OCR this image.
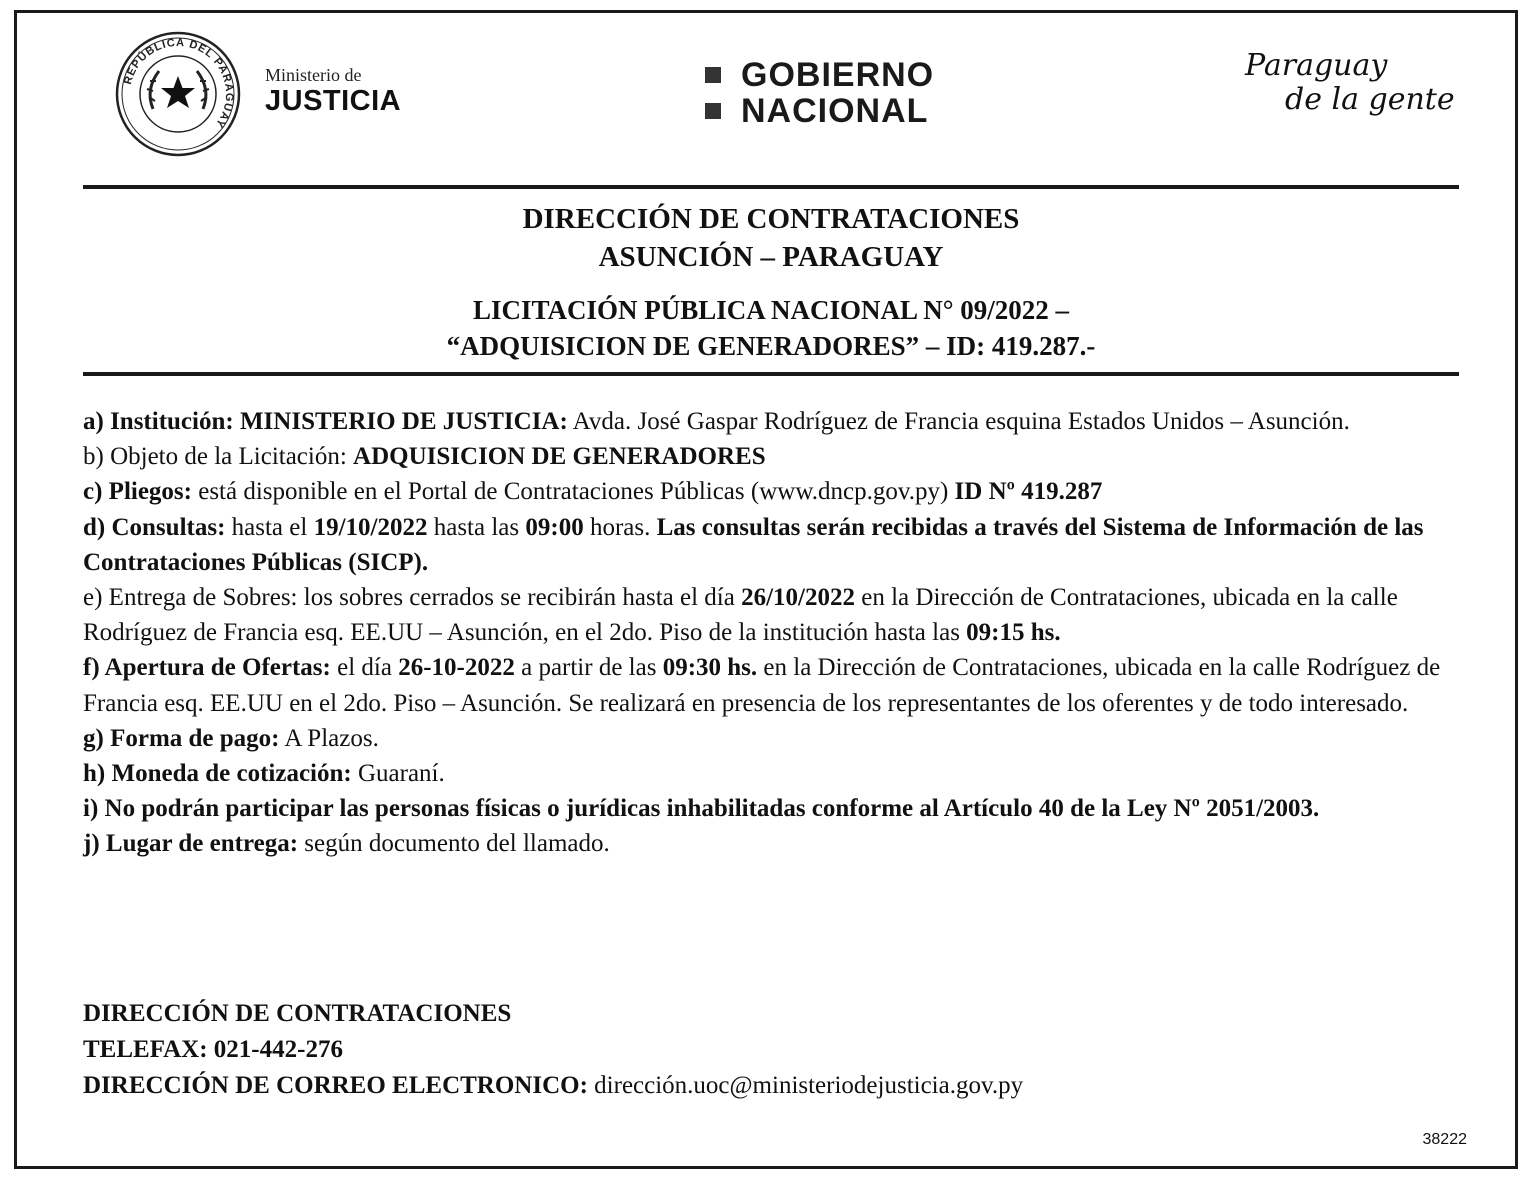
REPÚBLICA DEL PARAGUAY
Ministerio de
JUSTICIA
GOBIERNO
NACIONAL
Paraguay
de la gente
DIRECCIÓN DE CONTRATACIONES
ASUNCIÓN – PARAGUAY
LICITACIÓN PÚBLICA NACIONAL N° 09/2022 –
“ADQUISICION DE GENERADORES” – ID: 419.287.-

a) Institución: MINISTERIO DE JUSTICIA: Avda. José Gaspar Rodríguez de Francia esquina Estados Unidos – Asunción.

b) Objeto de la Licitación: ADQUISICION DE GENERADORES

c) Pliegos: está disponible en el Portal de Contrataciones Públicas (www.dncp.gov.py) ID Nº 419.287

d) Consultas: hasta el 19/10/2022 hasta las 09:00 horas. Las consultas serán recibidas a través del Sistema de Información de las Contrataciones Públicas (SICP).

e) Entrega de Sobres: los sobres cerrados se recibirán hasta el día 26/10/2022 en la Dirección de Contrataciones, ubicada en la calle Rodríguez de Francia esq. EE.UU – Asunción, en el 2do. Piso de la institución hasta las 09:15 hs.

f) Apertura de Ofertas: el día 26-10-2022 a partir de las 09:30 hs. en la Dirección de Contrataciones, ubicada en la calle Rodríguez de Francia esq. EE.UU en el 2do. Piso – Asunción. Se realizará en presencia de los representantes de los oferentes y de todo interesado.

g) Forma de pago: A Plazos.

h) Moneda de cotización: Guaraní.

i) No podrán participar las personas físicas o jurídicas inhabilitadas conforme al Artículo 40 de la Ley Nº 2051/2003.

j) Lugar de entrega: según documento del llamado.

DIRECCIÓN DE CONTRATACIONES

TELEFAX: 021-442-276

DIRECCIÓN DE CORREO ELECTRONICO: dirección.uoc@ministeriodejusticia.gov.py

38222
